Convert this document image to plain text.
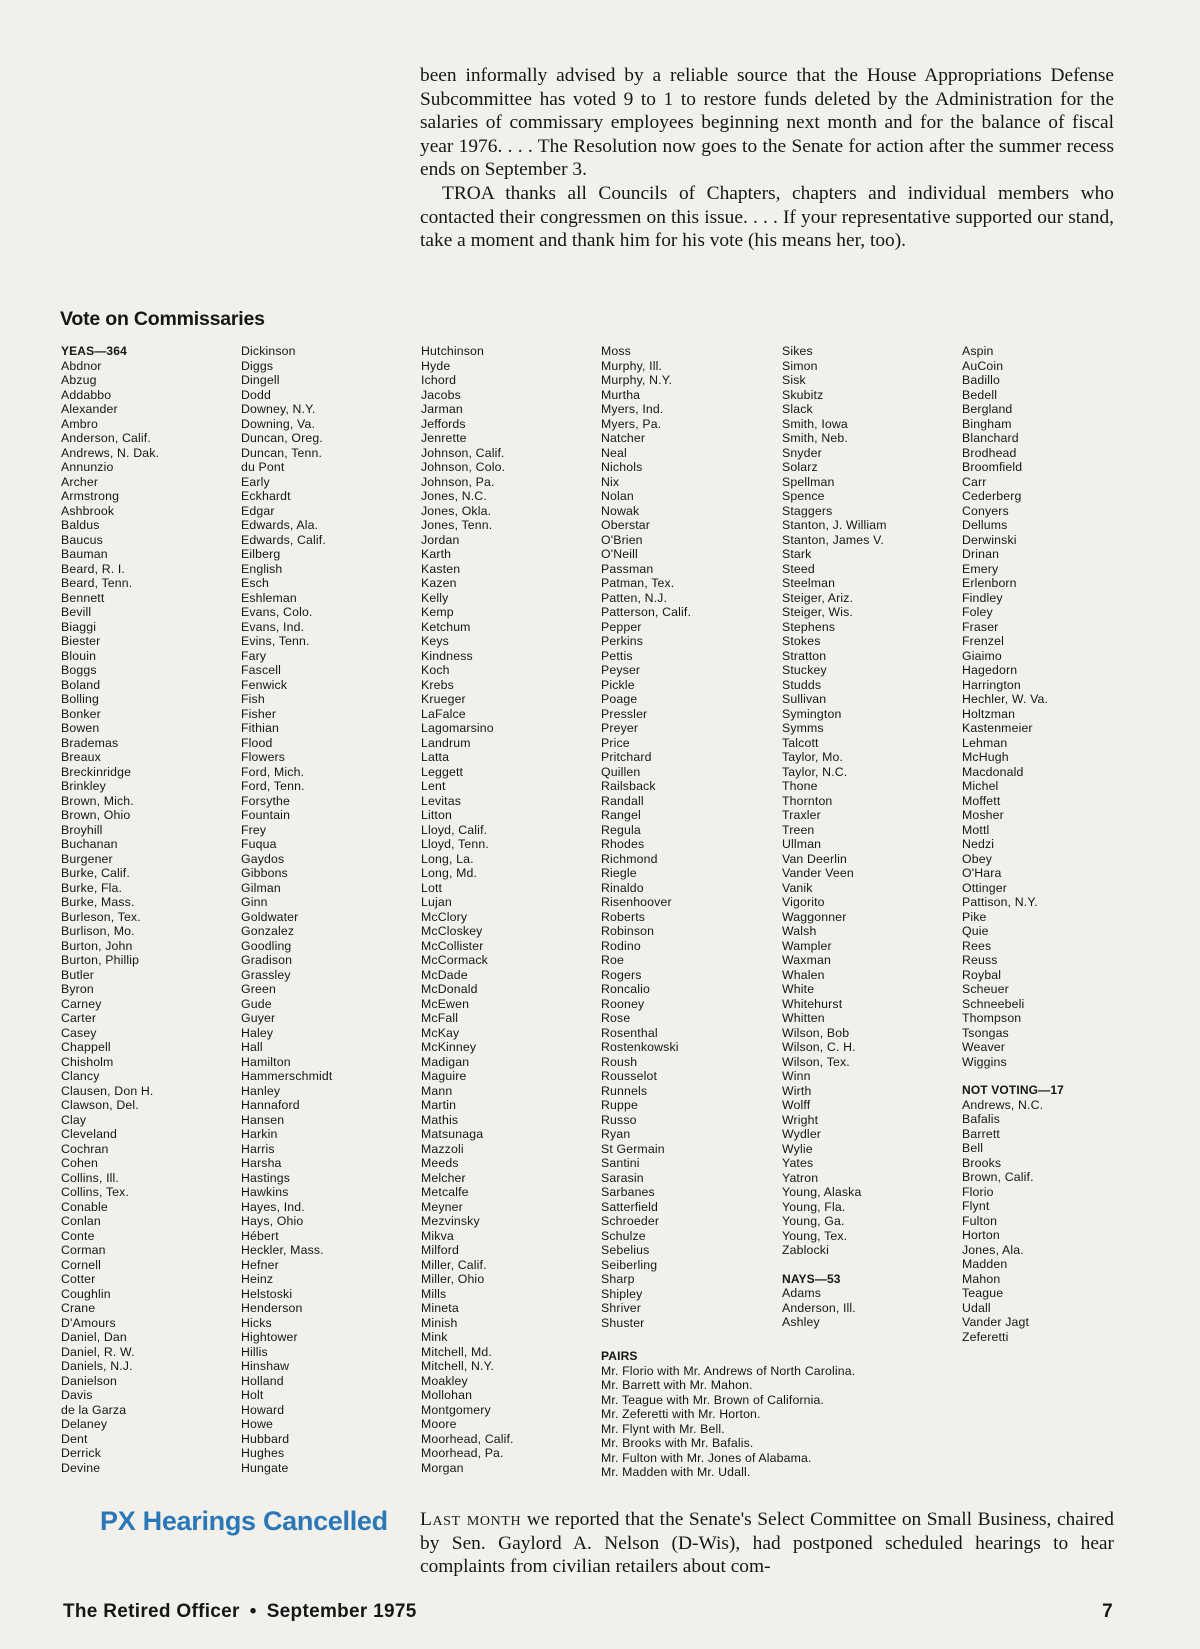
been informally advised by a reliable source that the House Appropriations Defense Subcommittee has voted 9 to 1 to restore funds deleted by the Administration for the salaries of commissary employees beginning next month and for the balance of fiscal year 1976. . . . The Resolution now goes to the Senate for action after the summer recess ends on September 3.

TROA thanks all Councils of Chapters, chapters and individual members who contacted their congressmen on this issue. . . . If your representative supported our stand, take a moment and thank him for his vote (his means her, too).

Vote on Commissaries
YEAS—364
Abdnor
Abzug
Addabbo
Alexander
Ambro
Anderson, Calif.
Andrews, N. Dak.
Annunzio
Archer
Armstrong
Ashbrook
Baldus
Baucus
Bauman
Beard, R. I.
Beard, Tenn.
Bennett
Bevill
Biaggi
Biester
Blouin
Boggs
Boland
Bolling
Bonker
Bowen
Brademas
Breaux
Breckinridge
Brinkley
Brown, Mich.
Brown, Ohio
Broyhill
Buchanan
Burgener
Burke, Calif.
Burke, Fla.
Burke, Mass.
Burleson, Tex.
Burlison, Mo.
Burton, John
Burton, Phillip
Butler
Byron
Carney
Carter
Casey
Chappell
Chisholm
Clancy
Clausen, Don H.
Clawson, Del.
Clay
Cleveland
Cochran
Cohen
Collins, Ill.
Collins, Tex.
Conable
Conlan
Conte
Corman
Cornell
Cotter
Coughlin
Crane
D'Amours
Daniel, Dan
Daniel, R. W.
Daniels, N.J.
Danielson
Davis
de la Garza
Delaney
Dent
Derrick
Devine
Dickinson
Diggs
Dingell
Dodd
Downey, N.Y.
Downing, Va.
Duncan, Oreg.
Duncan, Tenn.
du Pont
Early
Eckhardt
Edgar
Edwards, Ala.
Edwards, Calif.
Eilberg
English
Esch
Eshleman
Evans, Colo.
Evans, Ind.
Evins, Tenn.
Fary
Fascell
Fenwick
Fish
Fisher
Fithian
Flood
Flowers
Ford, Mich.
Ford, Tenn.
Forsythe
Fountain
Frey
Fuqua
Gaydos
Gibbons
Gilman
Ginn
Goldwater
Gonzalez
Goodling
Gradison
Grassley
Green
Gude
Guyer
Haley
Hall
Hamilton
Hammerschmidt
Hanley
Hannaford
Hansen
Harkin
Harris
Harsha
Hastings
Hawkins
Hayes, Ind.
Hays, Ohio
Hébert
Heckler, Mass.
Hefner
Heinz
Helstoski
Henderson
Hicks
Hightower
Hillis
Hinshaw
Holland
Holt
Howard
Howe
Hubbard
Hughes
Hungate
Hutchinson
Hyde
Ichord
Jacobs
Jarman
Jeffords
Jenrette
Johnson, Calif.
Johnson, Colo.
Johnson, Pa.
Jones, N.C.
Jones, Okla.
Jones, Tenn.
Jordan
Karth
Kasten
Kazen
Kelly
Kemp
Ketchum
Keys
Kindness
Koch
Krebs
Krueger
LaFalce
Lagomarsino
Landrum
Latta
Leggett
Lent
Levitas
Litton
Lloyd, Calif.
Lloyd, Tenn.
Long, La.
Long, Md.
Lott
Lujan
McClory
McCloskey
McCollister
McCormack
McDade
McDonald
McEwen
McFall
McKay
McKinney
Madigan
Maguire
Mann
Martin
Mathis
Matsunaga
Mazzoli
Meeds
Melcher
Metcalfe
Meyner
Mezvinsky
Mikva
Milford
Miller, Calif.
Miller, Ohio
Mills
Mineta
Minish
Mink
Mitchell, Md.
Mitchell, N.Y.
Moakley
Mollohan
Montgomery
Moore
Moorhead, Calif.
Moorhead, Pa.
Morgan
Moss
Murphy, Ill.
Murphy, N.Y.
Murtha
Myers, Ind.
Myers, Pa.
Natcher
Neal
Nichols
Nix
Nolan
Nowak
Oberstar
O'Brien
O'Neill
Passman
Patman, Tex.
Patten, N.J.
Patterson, Calif.
Pepper
Perkins
Pettis
Peyser
Pickle
Poage
Pressler
Preyer
Price
Pritchard
Quillen
Railsback
Randall
Rangel
Regula
Rhodes
Richmond
Riegle
Rinaldo
Risenhoover
Roberts
Robinson
Rodino
Roe
Rogers
Roncalio
Rooney
Rose
Rosenthal
Rostenkowski
Roush
Rousselot
Runnels
Ruppe
Russo
Ryan
St Germain
Santini
Sarasin
Sarbanes
Satterfield
Schroeder
Schulze
Sebelius
Seiberling
Sharp
Shipley
Shriver
Shuster
Sikes
Simon
Sisk
Skubitz
Slack
Smith, Iowa
Smith, Neb.
Snyder
Solarz
Spellman
Spence
Staggers
Stanton, J. William
Stanton, James V.
Stark
Steed
Steelman
Steiger, Ariz.
Steiger, Wis.
Stephens
Stokes
Stratton
Stuckey
Studds
Sullivan
Symington
Symms
Talcott
Taylor, Mo.
Taylor, N.C.
Thone
Thornton
Traxler
Treen
Ullman
Van Deerlin
Vander Veen
Vanik
Vigorito
Waggonner
Walsh
Wampler
Waxman
Whalen
White
Whitehurst
Whitten
Wilson, Bob
Wilson, C. H.
Wilson, Tex.
Winn
Wirth
Wolff
Wright
Wydler
Wylie
Yates
Yatron
Young, Alaska
Young, Fla.
Young, Ga.
Young, Tex.
Zablocki
NAYS—53
Adams
Anderson, Ill.
Ashley
Aspin
AuCoin
Badillo
Bedell
Bergland
Bingham
Blanchard
Brodhead
Broomfield
Carr
Cederberg
Conyers
Dellums
Derwinski
Drinan
Emery
Erlenborn
Findley
Foley
Fraser
Frenzel
Giaimo
Hagedorn
Harrington
Hechler, W. Va.
Holtzman
Kastenmeier
Lehman
McHugh
Macdonald
Michel
Moffett
Mosher
Mottl
Nedzi
Obey
O'Hara
Ottinger
Pattison, N.Y.
Pike
Quie
Rees
Reuss
Roybal
Scheuer
Schneebeli
Thompson
Tsongas
Weaver
Wiggins
NOT VOTING—17
Andrews, N.C.
Bafalis
Barrett
Bell
Brooks
Brown, Calif.
Florio
Flynt
Fulton
Horton
Jones, Ala.
Madden
Mahon
Teague
Udall
Vander Jagt
Zeferetti
PAIRS
Mr. Florio with Mr. Andrews of North Carolina.
Mr. Barrett with Mr. Mahon.
Mr. Teague with Mr. Brown of California.
Mr. Zeferetti with Mr. Horton.
Mr. Flynt with Mr. Bell.
Mr. Brooks with Mr. Bafalis.
Mr. Fulton with Mr. Jones of Alabama.
Mr. Madden with Mr. Udall.
PX Hearings Cancelled Last month we reported that the Senate's Select Committee on Small Business, chaired by Sen. Gaylord A. Nelson (D-Wis), had postponed scheduled hearings to hear complaints from civilian retailers about com-

The Retired Officer • September 1975	7
